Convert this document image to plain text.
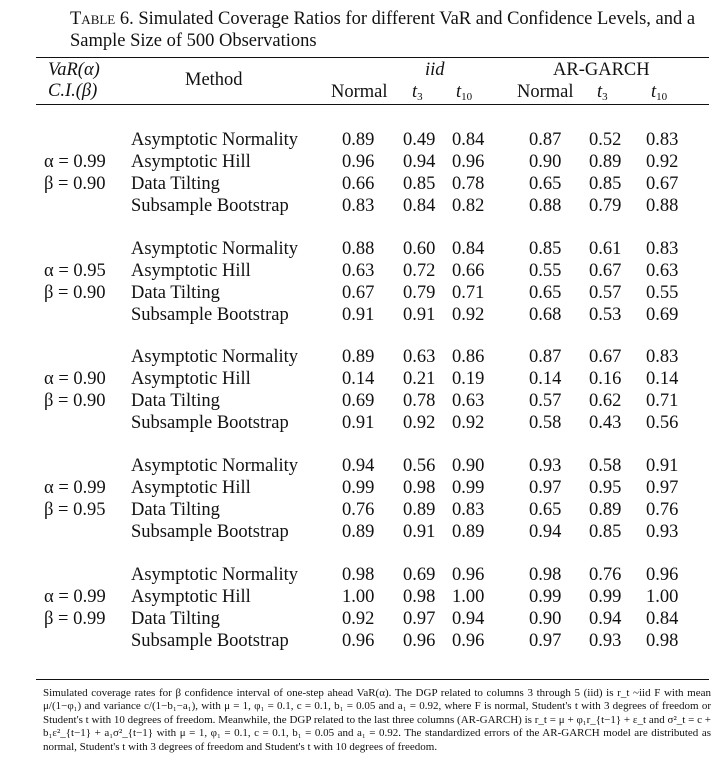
Table 6. Simulated Coverage Ratios for different VaR and Confidence Levels, and a Sample Size of 500 Observations
VaR(α)
C.I.(β)
Method	iid	AR-GARCH
Normal $t_3$ $t_{10}$ Normal $t_3$ $t_{10}$
α = 0.99
β = 0.90
Asymptotic Normality 0.89 0.49 0.84 0.87 0.52 0.83
Asymptotic Hill	0.96 0.94 0.96 0.90 0.89 0.92
Data Tilting	0.66 0.85 0.78 0.65 0.85 0.67
Subsample Bootstrap	0.83 0.84 0.82 0.88 0.79 0.88
α = 0.95
β = 0.90
Asymptotic Normality 0.88 0.60 0.84 0.85 0.61 0.83
Asymptotic Hill	0.63 0.72 0.66 0.55 0.67 0.63
Data Tilting	0.67 0.79 0.71 0.65 0.57 0.55
Subsample Bootstrap	0.91 0.91 0.92 0.68 0.53 0.69
α = 0.90
β = 0.90
Asymptotic Normality 0.89 0.63 0.86 0.87 0.67 0.83
Asymptotic Hill	0.14 0.21 0.19 0.14 0.16 0.14
Data Tilting	0.69 0.78 0.63 0.57 0.62 0.71
Subsample Bootstrap	0.91 0.92 0.92 0.58 0.43 0.56
α = 0.99
β = 0.95
Asymptotic Normality 0.94 0.56 0.90 0.93 0.58 0.91
Asymptotic Hill	0.99 0.98 0.99 0.97 0.95 0.97
Data Tilting	0.76 0.89 0.83 0.65 0.89 0.76
Subsample Bootstrap	0.89 0.91 0.89 0.94 0.85 0.93
α = 0.99
β = 0.99
Asymptotic Normality 0.98 0.69 0.96 0.98 0.76 0.96
Asymptotic Hill	1.00 0.98 1.00 0.99 0.99 1.00
Data Tilting	0.92 0.97 0.94 0.90 0.94 0.84
Subsample Bootstrap	0.96 0.96 0.96 0.97 0.93 0.98
Simulated coverage rates for β confidence interval of one-step ahead VaR(α). The DGP related to columns 3 through 5 (iid) is r_t ~iid F with mean μ/(1−φ₁) and variance c/(1−b₁−a₁), with μ = 1, φ₁ = 0.1, c = 0.1, b₁ = 0.05 and a₁ = 0.92, where F is normal, Student's t with 3 degrees of freedom or Student's t with 10 degrees of freedom. Meanwhile, the DGP related to the last three columns (AR-GARCH) is r_t = μ + φ₁r_{t−1} + ε_t and σ²_t = c + b₁ε²_{t−1} + a₁σ²_{t−1} with μ = 1, φ₁ = 0.1, c = 0.1, b₁ = 0.05 and a₁ = 0.92. The standardized errors of the AR-GARCH model are distributed as normal, Student's t with 3 degrees of freedom and Student's t with 10 degrees of freedom.
